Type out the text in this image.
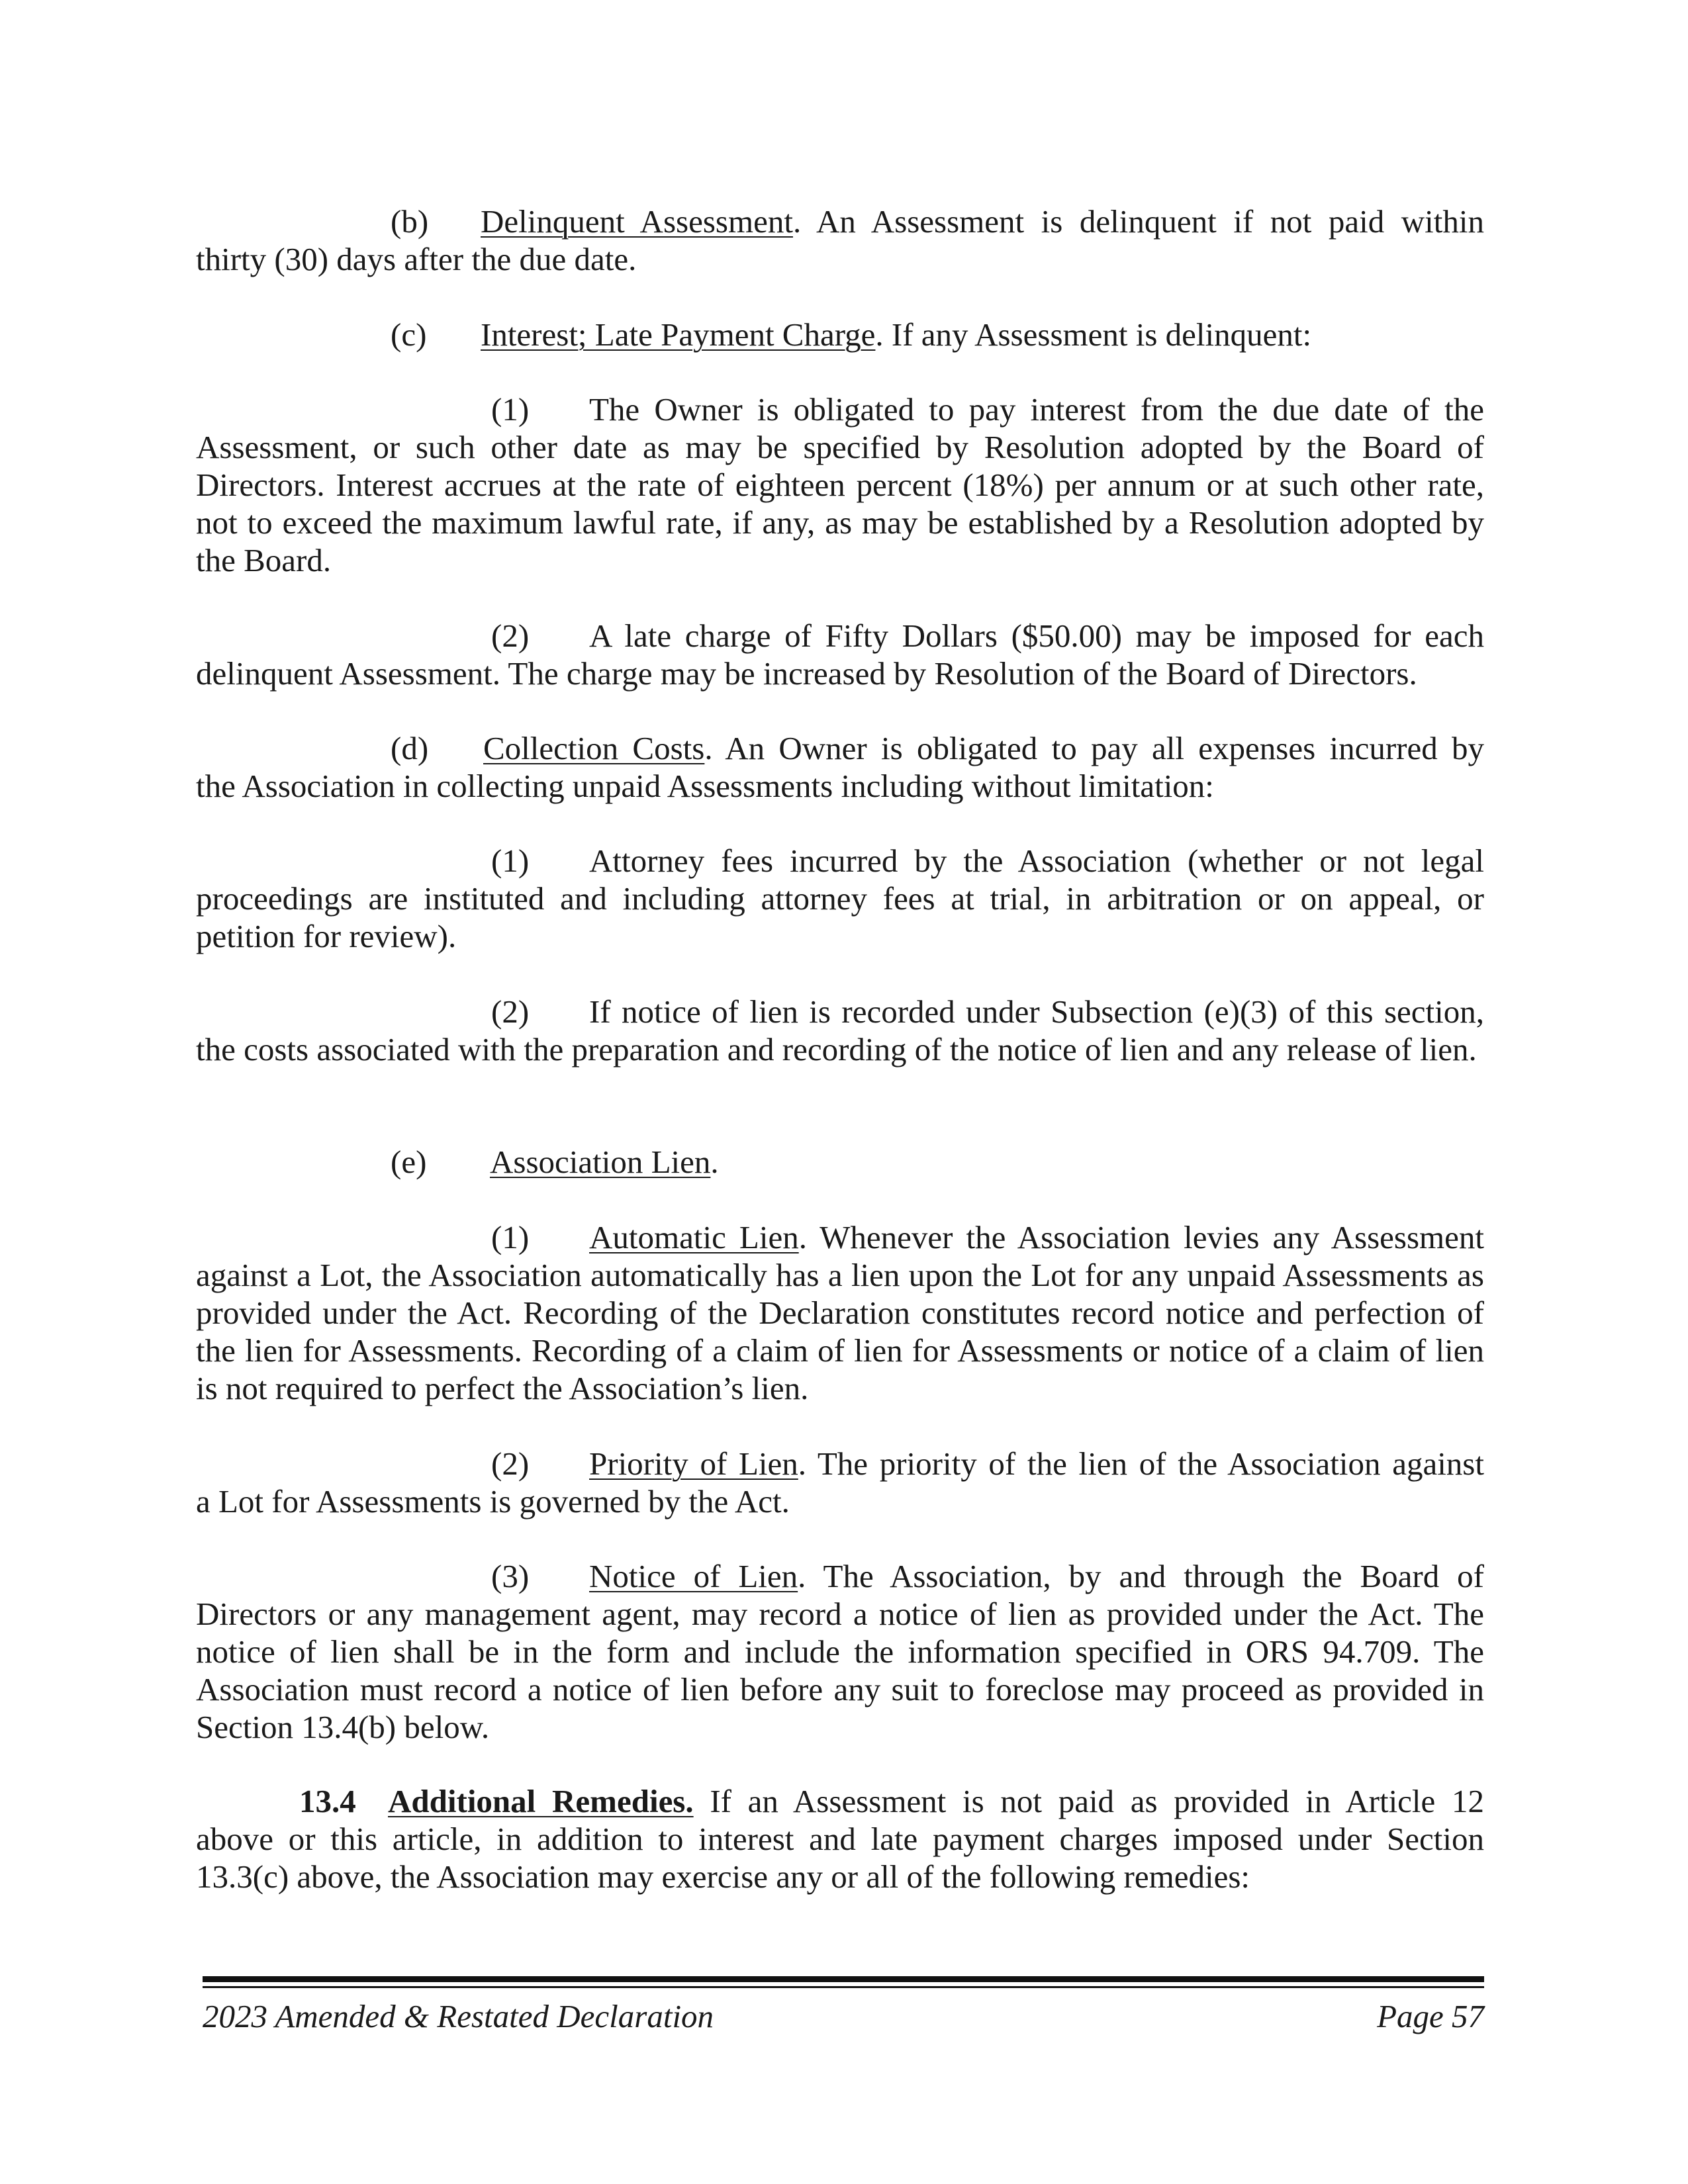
(b) Delinquent Assessment. An Assessment is delinquent if not paid within
thirty (30) days after the due date.
(c) Interest; Late Payment Charge. If any Assessment is delinquent:
(1) The Owner is obligated to pay interest from the due date of the
Assessment, or such other date as may be specified by Resolution adopted by the Board of Directors. Interest accrues at the rate of eighteen percent (18%) per annum or at such other rate, not to exceed the maximum lawful rate, if any, as may be established by a Resolution adopted by the Board.
(2) A late charge of Fifty Dollars ($50.00) may be imposed for each
delinquent Assessment. The charge may be increased by Resolution of the Board of Directors.
(d) Collection Costs. An Owner is obligated to pay all expenses incurred by
the Association in collecting unpaid Assessments including without limitation:
(1) Attorney fees incurred by the Association (whether or not legal
proceedings are instituted and including attorney fees at trial, in arbitration or on appeal, or petition for review).
(2) If notice of lien is recorded under Subsection (e)(3) of this section,
the costs associated with the preparation and recording of the notice of lien and any release of lien.
(e) Association Lien.
(1) Automatic Lien. Whenever the Association levies any Assessment
against a Lot, the Association automatically has a lien upon the Lot for any unpaid Assessments as provided under the Act. Recording of the Declaration constitutes record notice and perfection of the lien for Assessments. Recording of a claim of lien for Assessments or notice of a claim of lien is not required to perfect the Association’s lien.
(2) Priority of Lien. The priority of the lien of the Association against
a Lot for Assessments is governed by the Act.
(3) Notice of Lien. The Association, by and through the Board of
Directors or any management agent, may record a notice of lien as provided under the Act. The notice of lien shall be in the form and include the information specified in ORS 94.709. The Association must record a notice of lien before any suit to foreclose may proceed as provided in Section 13.4(b) below.
13.4 Additional Remedies. If an Assessment is not paid as provided in Article 12
above or this article, in addition to interest and late payment charges imposed under Section 13.3(c) above, the Association may exercise any or all of the following remedies:

2023 Amended & Restated Declaration	Page 57
